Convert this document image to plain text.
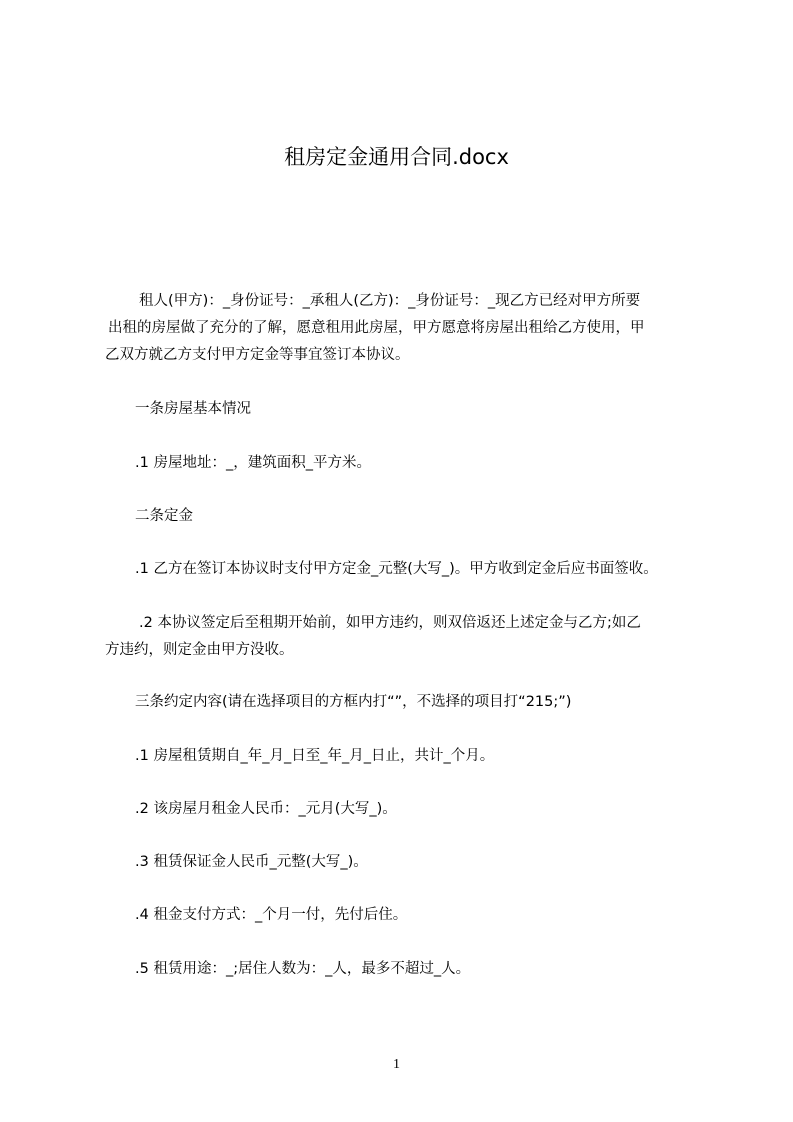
租房定金通用合同.docx
租人(甲方)：_身份证号：_承租人(乙方)：_身份证号：_现乙方已经对甲方所要
出租的房屋做了充分的了解，愿意租用此房屋，甲方愿意将房屋出租给乙方使用，甲
乙双方就乙方支付甲方定金等事宜签订本协议。
一条房屋基本情况
.1 房屋地址：_，建筑面积_平方米。
二条定金
.1 乙方在签订本协议时支付甲方定金_元整(大写_)。甲方收到定金后应书面签收。
.2 本协议签定后至租期开始前，如甲方违约，则双倍返还上述定金与乙方;如乙
方违约，则定金由甲方没收。
三条约定内容(请在选择项目的方框内打“”，不选择的项目打“215;”)
.1 房屋租赁期自_年_月_日至_年_月_日止，共计_个月。
.2 该房屋月租金人民币：_元月(大写_)。
.3 租赁保证金人民币_元整(大写_)。
.4 租金支付方式：_个月一付，先付后住。
.5 租赁用途：_;居住人数为：_人，最多不超过_人。
1
